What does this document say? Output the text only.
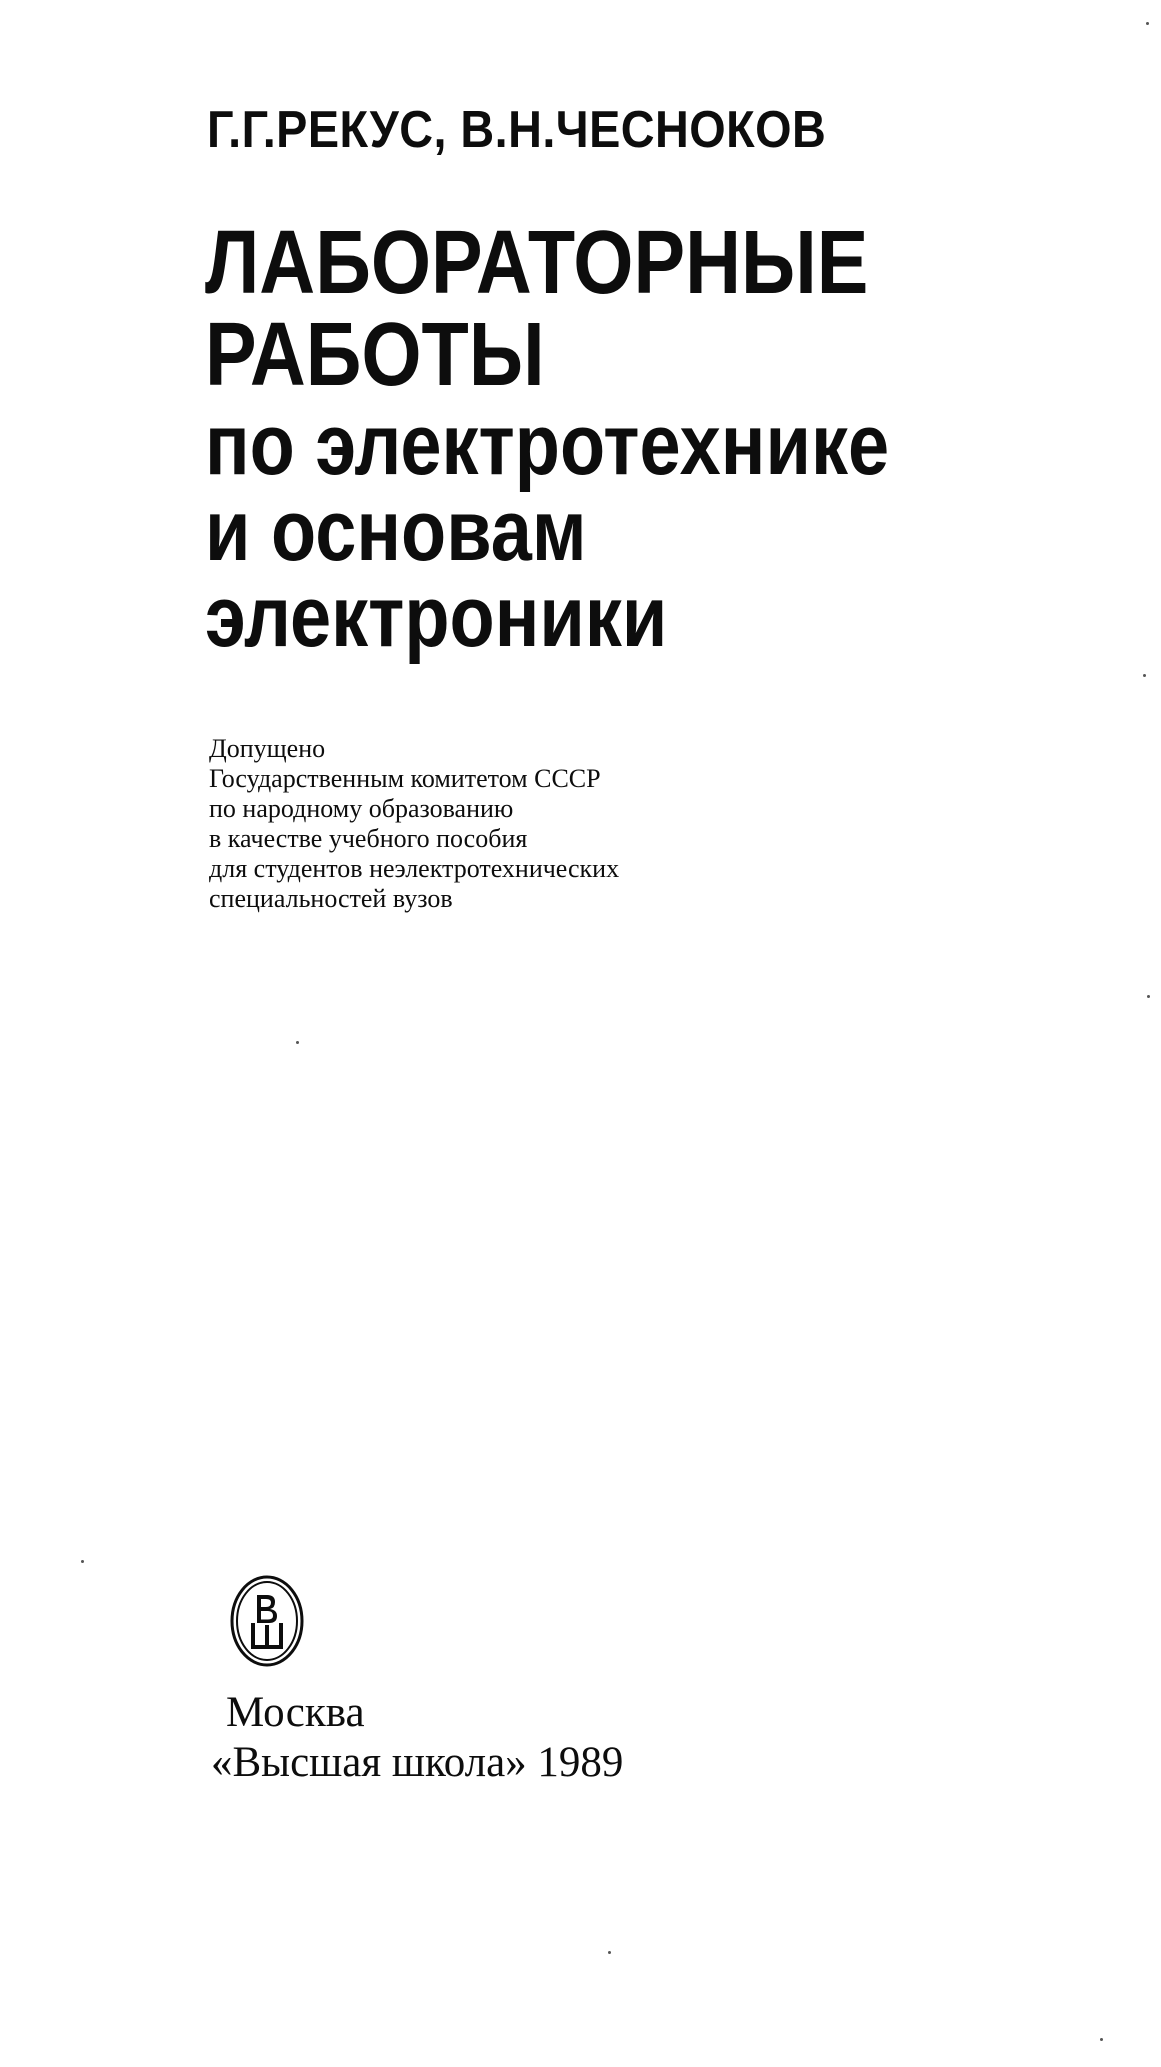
Г.Г.РЕКУС, В.Н.ЧЕСНОКОВ
ЛАБОРАТОРНЫЕ
РАБОТЫ
по электротехнике
и основам
электроники
Допущено
Государственным комитетом СССР
по народному образованию
в качестве учебного пособия
для студентов неэлектротехнических
специальностей вузов
Москва
«Высшая школа» 1989
